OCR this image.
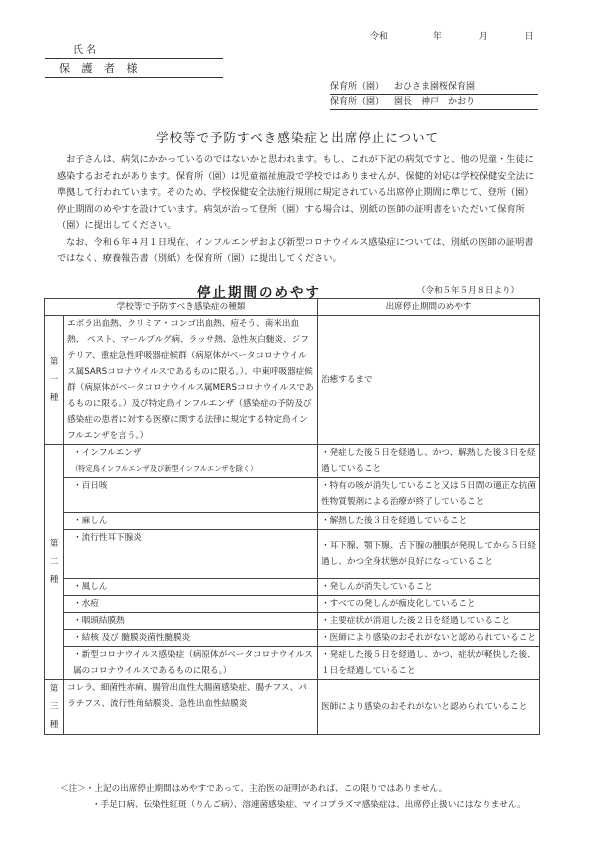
令和	年	月	日
氏 名
保 護 者 様
保育所（園） おひさま園桜保育園
保育所（園） 園長　神戸　かおり
学校等で予防すべき感染症と出席停止について

お子さんは、病気にかかっているのではないかと思われます。もし、これが下記の病気ですと、他の児童・生徒に感染するおそれがあります。保育所（園）は児童福祉施設で学校ではありませんが、保健的対応は学校保健安全法に準拠して行われています。そのため、学校保健安全法施行規則に規定されている出席停止期間に準じて、登所（園）停止期間のめやすを設けています。病気が治って登所（園）する場合は、別紙の医師の証明書をいただいて保育所（園）に提出してください。

なお、令和６年４月１日現在、インフルエンザおよび新型コロナウイルス感染症については、別紙の医師の証明書ではなく、療養報告書（別紙）を保育所（園）に提出してください。

停止期間のめやす	（令和５年５月８日より）
学校等で予防すべき感染症の種類		出席停止期間のめやす

第一種	エボラ出血熱、クリミア・コンゴ出血熱、痘そう、南米出血熱、 ペスト、マールブルグ病、ラッサ熱、急性灰白髄炎、ジフテリア、重症急性呼吸器症候群（病原体がベータコロナウイルス属SARSコロナウイルスであるものに限る。）、中東呼吸器症候群（病原体がベータコロナウイルス属MERSコロナウイルスであるものに限る。）及び特定鳥インフルエンザ（感染症の予防及び感染症の患者に対する医療に関する法律に規定する特定鳥インフルエンザを言う。）	治癒するまで

第二種	・インフルエンザ
（特定鳥インフルエンザ及び新型インフルエンザを除く）	・発症した後５日を経過し、かつ、解熱した後３日を経過していること
	・百日咳	・特有の咳が消失していること又は５日間の適正な抗菌性物質製剤による治療が終了していること
	・麻しん	・解熱した後３日を経過していること
	・流行性耳下腺炎	・耳下腺、顎下腺、舌下腺の腫脹が発現してから５日経過し、かつ全身状態が良好になっていること
	・風しん	・発しんが消失していること
	・水痘	・すべての発しんが痂皮化していること
	・咽頭結膜熱	・主要症状が消退した後２日を経過していること
	・結核 及び 髄膜炎菌性髄膜炎	・医師により感染のおそれがないと認められていること
	・新型コロナウイルス感染症（病原体がベータコロナウイルス属のコロナウイルスであるものに限る。）	・発症した後５日を経過し、かつ、症状が軽快した後、１日を経過していること

第三種	コレラ、細菌性赤痢、腸管出血性大腸菌感染症、腸チフス、パラチフス、流行性角結膜炎、急性出血性結膜炎	医師により感染のおそれがないと認められていること
＜注＞・上記の出席停止期間はめやすであって、主治医の証明があれば、この限りではありません。
・手足口病、伝染性紅斑（りんご病）、溶連菌感染症、マイコプラズマ感染症は、出席停止扱いにはなりません。
